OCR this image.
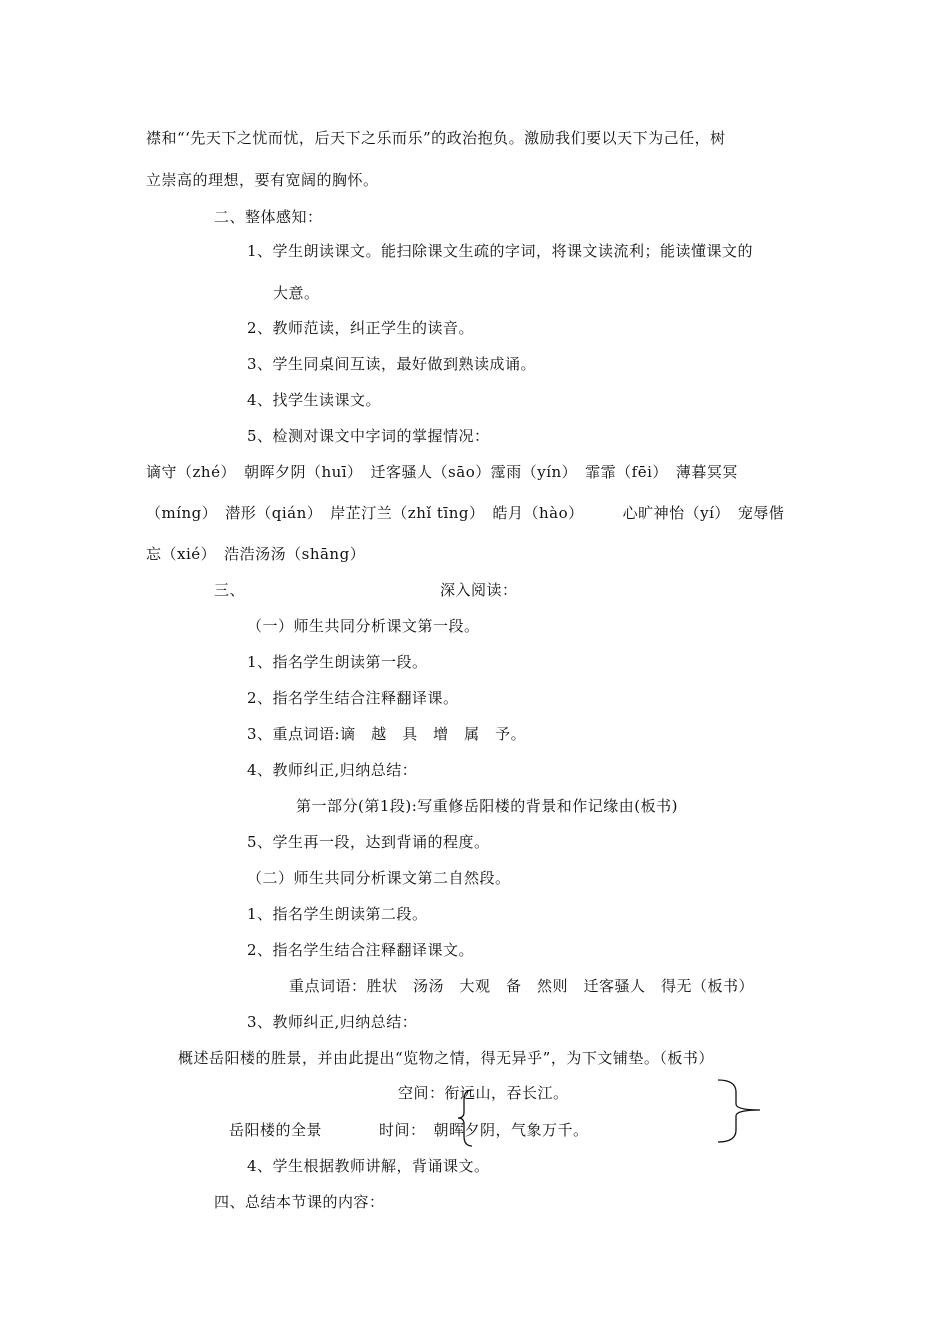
襟和“‘先天下之忧而忧，后天下之乐而乐”的政治抱负。激励我们要以天下为己任，树
立崇高的理想，要有宽阔的胸怀。
二、整体感知：
1、学生朗读课文。能扫除课文生疏的字词，将课文读流利；能读懂课文的
大意。
2、教师范读，纠正学生的读音。
3、学生同桌间互读，最好做到熟读成诵。
4、找学生读课文。
5、检测对课文中字词的掌握情况：
谪守（zhé）　朝晖夕阴（huī）　迁客骚人（sāo）霪雨（yín）　霏霏（fēi）　薄暮冥冥
（míng）　潜形（qián）　岸芷汀兰（zhǐ tīng）　皓月（hào）　　　心旷神怡（yí）　宠辱偕
忘（xié）　浩浩汤汤（shāng）
三、	深入阅读：
（一）师生共同分析课文第一段。
1、指名学生朗读第一段。
2、指名学生结合注释翻译课。
3、重点词语:谪　越　具　增　属　予。
4、教师纠正,归纳总结：
第一部分(第1段):写重修岳阳楼的背景和作记缘由(板书)
5、学生再一段，达到背诵的程度。
（二）师生共同分析课文第二自然段。
1、指名学生朗读第二段。
2、指名学生结合注释翻译课文。
重点词语：胜状　汤汤　大观　备　然则　迁客骚人　得无（板书）
3、教师纠正,归纳总结：
概述岳阳楼的胜景，并由此提出“览物之情，得无异乎”，为下文铺垫。（板书）
空间：衔远山，吞长江。
岳阳楼的全景	时间：　朝晖夕阴，气象万千。
4、学生根据教师讲解，背诵课文。
四、总结本节课的内容：
